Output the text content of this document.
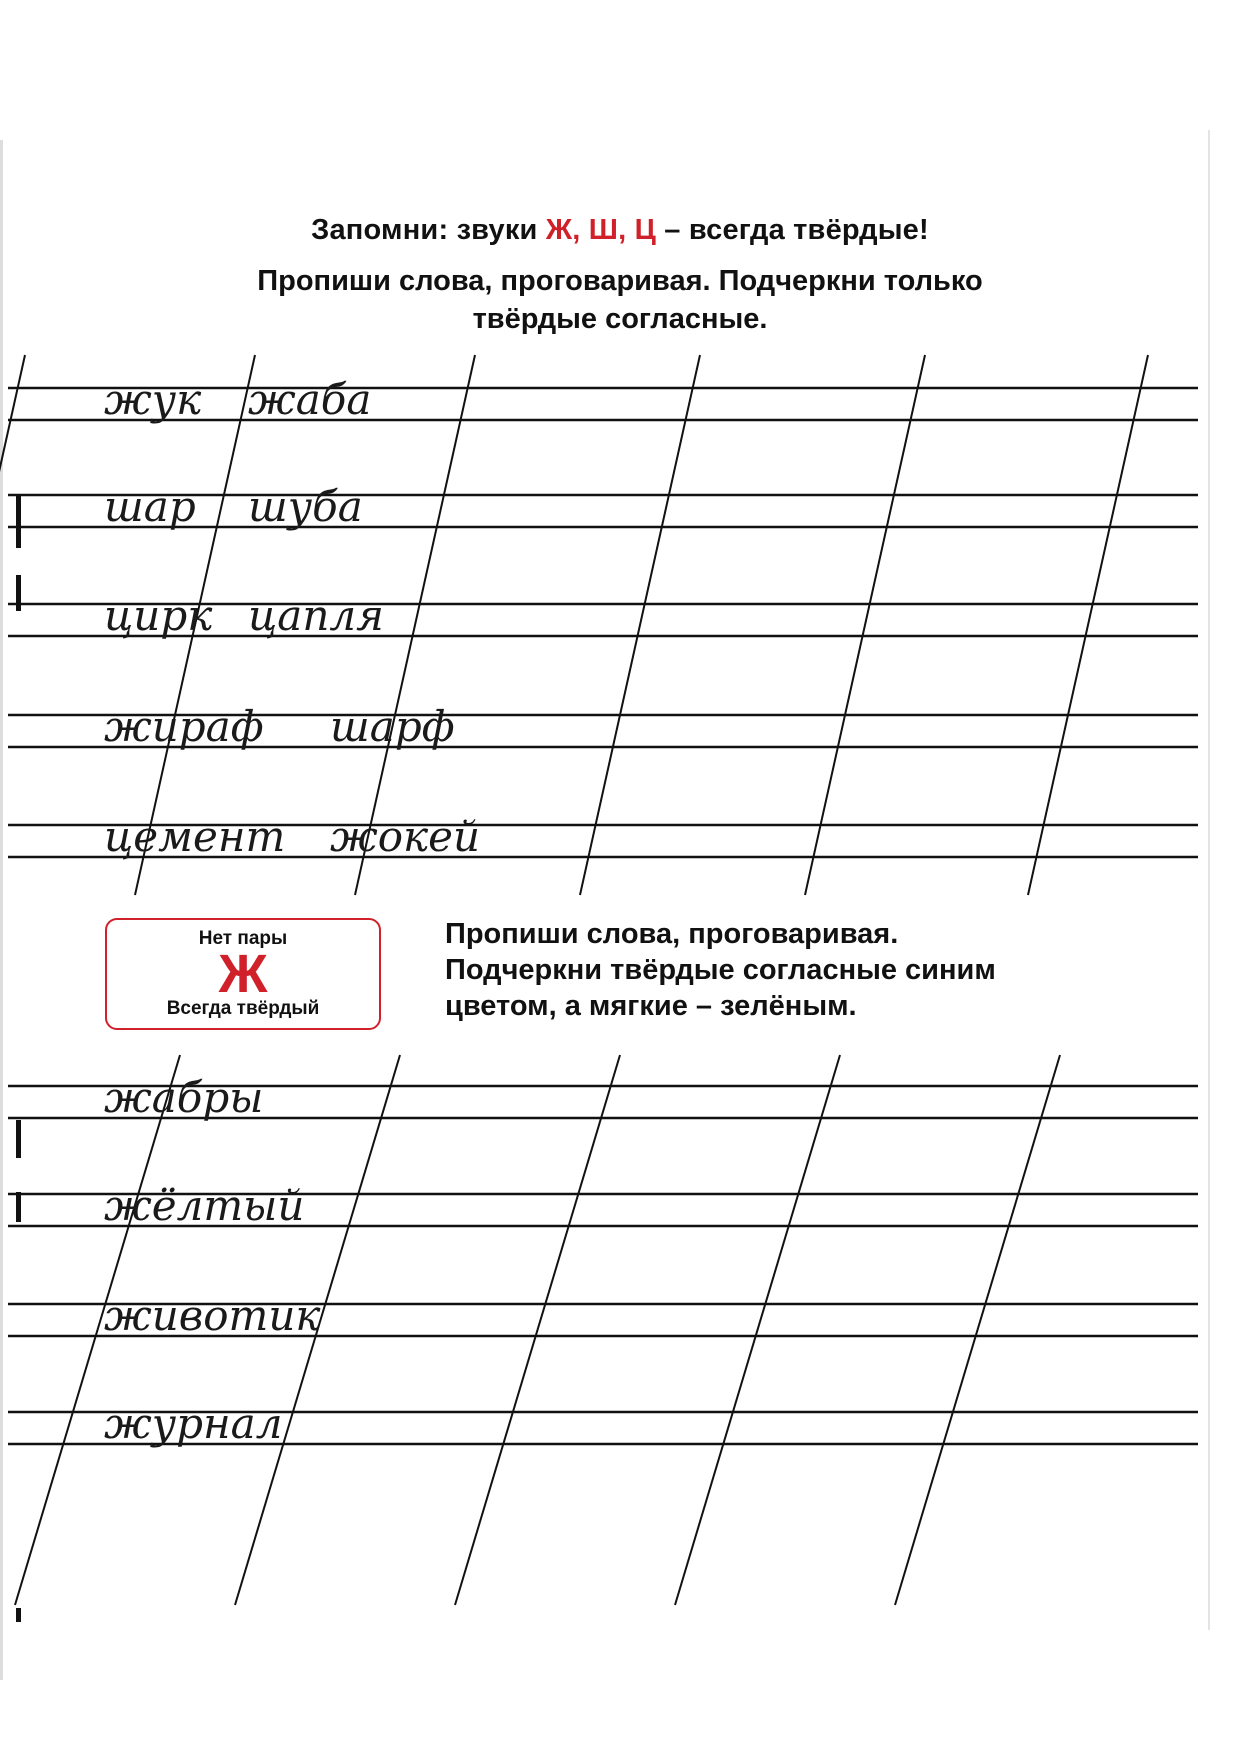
Запомни: звуки Ж, Ш, Ц – всегда твёрдые!
Пропиши слова, проговаривая. Подчеркни только
твёрдые согласные.
жук жаба
шар шуба
цирк цапля
жираф шарф
цемент жокей
жабры
жёлтый
животик
журнал
Нет пары
Ж
Всегда твёрдый
Пропиши слова, проговаривая.
Подчеркни твёрдые согласные синим
цветом, а мягкие – зелёным.
